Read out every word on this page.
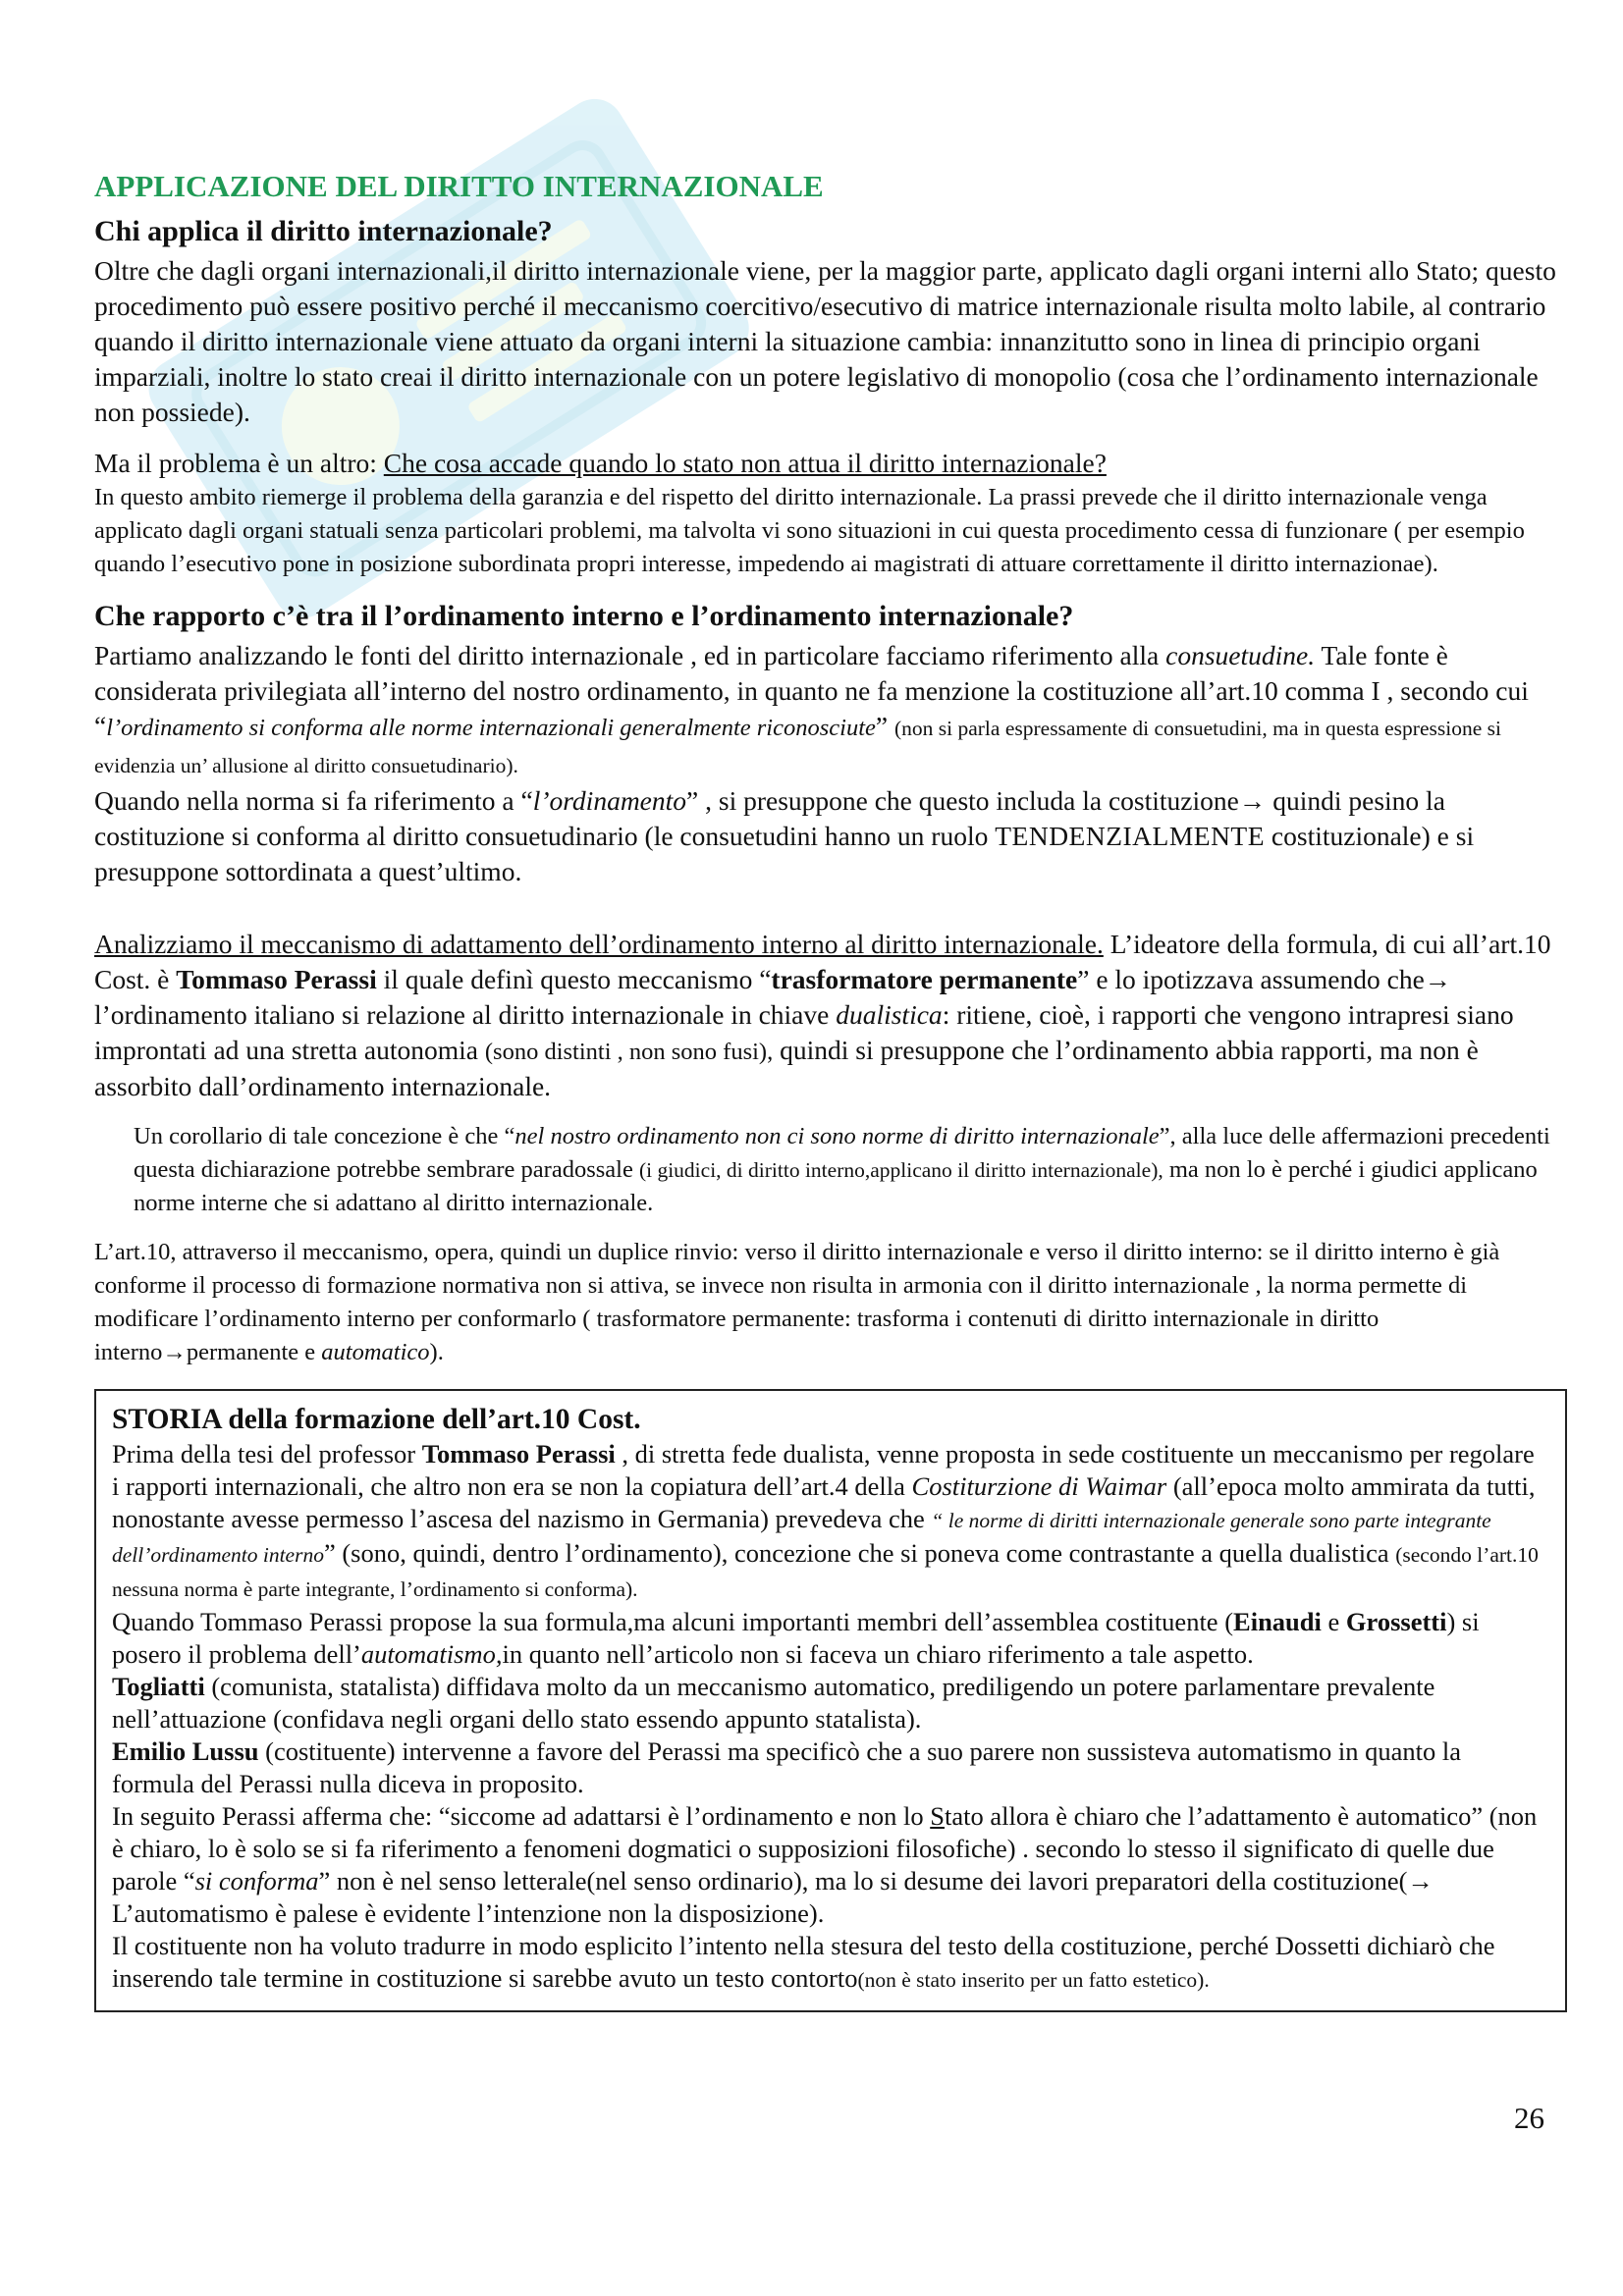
APPLICAZIONE DEL DIRITTO INTERNAZIONALE
Chi applica il diritto internazionale?

Oltre che dagli organi internazionali,il diritto internazionale viene, per la maggior parte, applicato dagli organi interni allo Stato; questo procedimento può essere positivo perché il meccanismo coercitivo/esecutivo di matrice internazionale risulta molto labile, al contrario quando il diritto internazionale viene attuato da organi interni la situazione cambia: innanzitutto sono in linea di principio organi imparziali, inoltre lo stato creai il diritto internazionale con un potere legislativo di monopolio (cosa che l’ordinamento internazionale non possiede).

Ma il problema è un altro: Che cosa accade quando lo stato non attua il diritto internazionale?

In questo ambito riemerge il problema della garanzia e del rispetto del diritto internazionale. La prassi prevede che il diritto internazionale venga applicato dagli organi statuali senza particolari problemi, ma talvolta vi sono situazioni in cui questa procedimento cessa di funzionare ( per esempio quando l’esecutivo pone in posizione subordinata propri interesse, impedendo ai magistrati di attuare correttamente il diritto internazionae).

Che rapporto c’è tra il l’ordinamento interno e l’ordinamento internazionale?

Partiamo analizzando le fonti del diritto internazionale , ed in particolare facciamo riferimento alla consuetudine. Tale fonte è considerata privilegiata all’interno del nostro ordinamento, in quanto ne fa menzione la costituzione all’art.10 comma I , secondo cui “l’ordinamento si conforma alle norme internazionali generalmente riconosciute” (non si parla espressamente di consuetudini, ma in questa espressione si evidenzia un’ allusione al diritto consuetudinario).

Quando nella norma si fa riferimento a “l’ordinamento” , si presuppone che questo includa la costituzione→ quindi pesino la costituzione si conforma al diritto consuetudinario (le consuetudini hanno un ruolo TENDENZIALMENTE costituzionale) e si presuppone sottordinata a quest’ultimo.

Analizziamo il meccanismo di adattamento dell’ordinamento interno al diritto internazionale. L’ideatore della formula, di cui all’art.10 Cost. è Tommaso Perassi il quale definì questo meccanismo “trasformatore permanente” e lo ipotizzava assumendo che→ l’ordinamento italiano si relazione al diritto internazionale in chiave dualistica: ritiene, cioè, i rapporti che vengono intrapresi siano improntati ad una stretta autonomia (sono distinti , non sono fusi), quindi si presuppone che l’ordinamento abbia rapporti, ma non è assorbito dall’ordinamento internazionale.

Un corollario di tale concezione è che “nel nostro ordinamento non ci sono norme di diritto internazionale”, alla luce delle affermazioni precedenti questa dichiarazione potrebbe sembrare paradossale (i giudici, di diritto interno,applicano il diritto internazionale), ma non lo è perché i giudici applicano norme interne che si adattano al diritto internazionale.

L’art.10, attraverso il meccanismo, opera, quindi un duplice rinvio: verso il diritto internazionale e verso il diritto interno: se il diritto interno è già conforme il processo di formazione normativa non si attiva, se invece non risulta in armonia con il diritto internazionale , la norma permette di modificare l’ordinamento interno per conformarlo ( trasformatore permanente: trasforma i contenuti di diritto internazionale in diritto interno→permanente e automatico).

STORIA della formazione dell’art.10 Cost.

Prima della tesi del professor Tommaso Perassi , di stretta fede dualista, venne proposta in sede costituente un meccanismo per regolare i rapporti internazionali, che altro non era se non la copiatura dell’art.4 della Costiturzione di Waimar (all’epoca molto ammirata da tutti, nonostante avesse permesso l’ascesa del nazismo in Germania) prevedeva che “ le norme di diritti internazionale generale sono parte integrante dell’ordinamento interno” (sono, quindi, dentro l’ordinamento), concezione che si poneva come contrastante a quella dualistica (secondo l’art.10 nessuna norma è parte integrante, l’ordinamento si conforma).

Quando Tommaso Perassi propose la sua formula,ma alcuni importanti membri dell’assemblea costituente (Einaudi e Grossetti) si posero il problema dell’automatismo,in quanto nell’articolo non si faceva un chiaro riferimento a tale aspetto.

Togliatti (comunista, statalista) diffidava molto da un meccanismo automatico, prediligendo un potere parlamentare prevalente nell’attuazione (confidava negli organi dello stato essendo appunto statalista).

Emilio Lussu (costituente) intervenne a favore del Perassi ma specificò che a suo parere non sussisteva automatismo in quanto la formula del Perassi nulla diceva in proposito.

In seguito Perassi afferma che: “siccome ad adattarsi è l’ordinamento e non lo Stato allora è chiaro che l’adattamento è automatico” (non è chiaro, lo è solo se si fa riferimento a fenomeni dogmatici o supposizioni filosofiche) . secondo lo stesso il significato di quelle due parole “si conforma” non è nel senso letterale(nel senso ordinario), ma lo si desume dei lavori preparatori della costituzione(→ L’automatismo è palese è evidente l’intenzione non la disposizione).

Il costituente non ha voluto tradurre in modo esplicito l’intento nella stesura del testo della costituzione, perché Dossetti dichiarò che inserendo tale termine in costituzione si sarebbe avuto un testo contorto(non è stato inserito per un fatto estetico).

26
